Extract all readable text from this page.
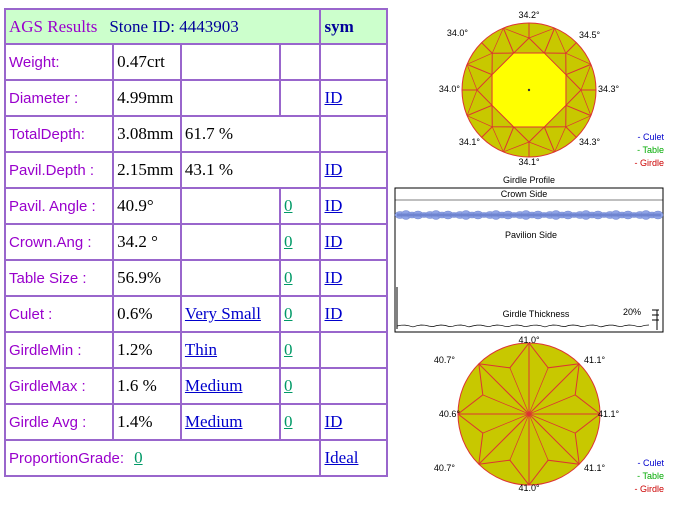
AGS Results Stone ID: 4443903				sym
Weight:	0.47crt			
Diameter :	4.99mm			ID
TotalDepth:	3.08mm	61.7 %		
Pavil.Depth :	2.15mm	43.1 %		ID
Pavil. Angle :	40.9°		0	ID
Crown.Ang :	34.2 °		0	ID
Table Size :	56.9%		0	ID
Culet :	0.6%	Very Small	0	ID
GirdleMin :	1.2%	Thin	0	
GirdleMax :	1.6 %	Medium	0	
Girdle Avg :	1.4%	Medium	0	ID
ProportionGrade: 0				Ideal
34.2°
34.0°	34.5°
34.0°	34.3°
34.1°	34.3°
34.1°
Girdle Profile
- Culet
- Table
- Girdle
Crown Side
Pavilion Side
Girdle Thickness	20%
41.0°
40.7°	41.1°
40.6°	41.1°
40.7°	41.1°
41.0°
- Culet
- Table
- Girdle
